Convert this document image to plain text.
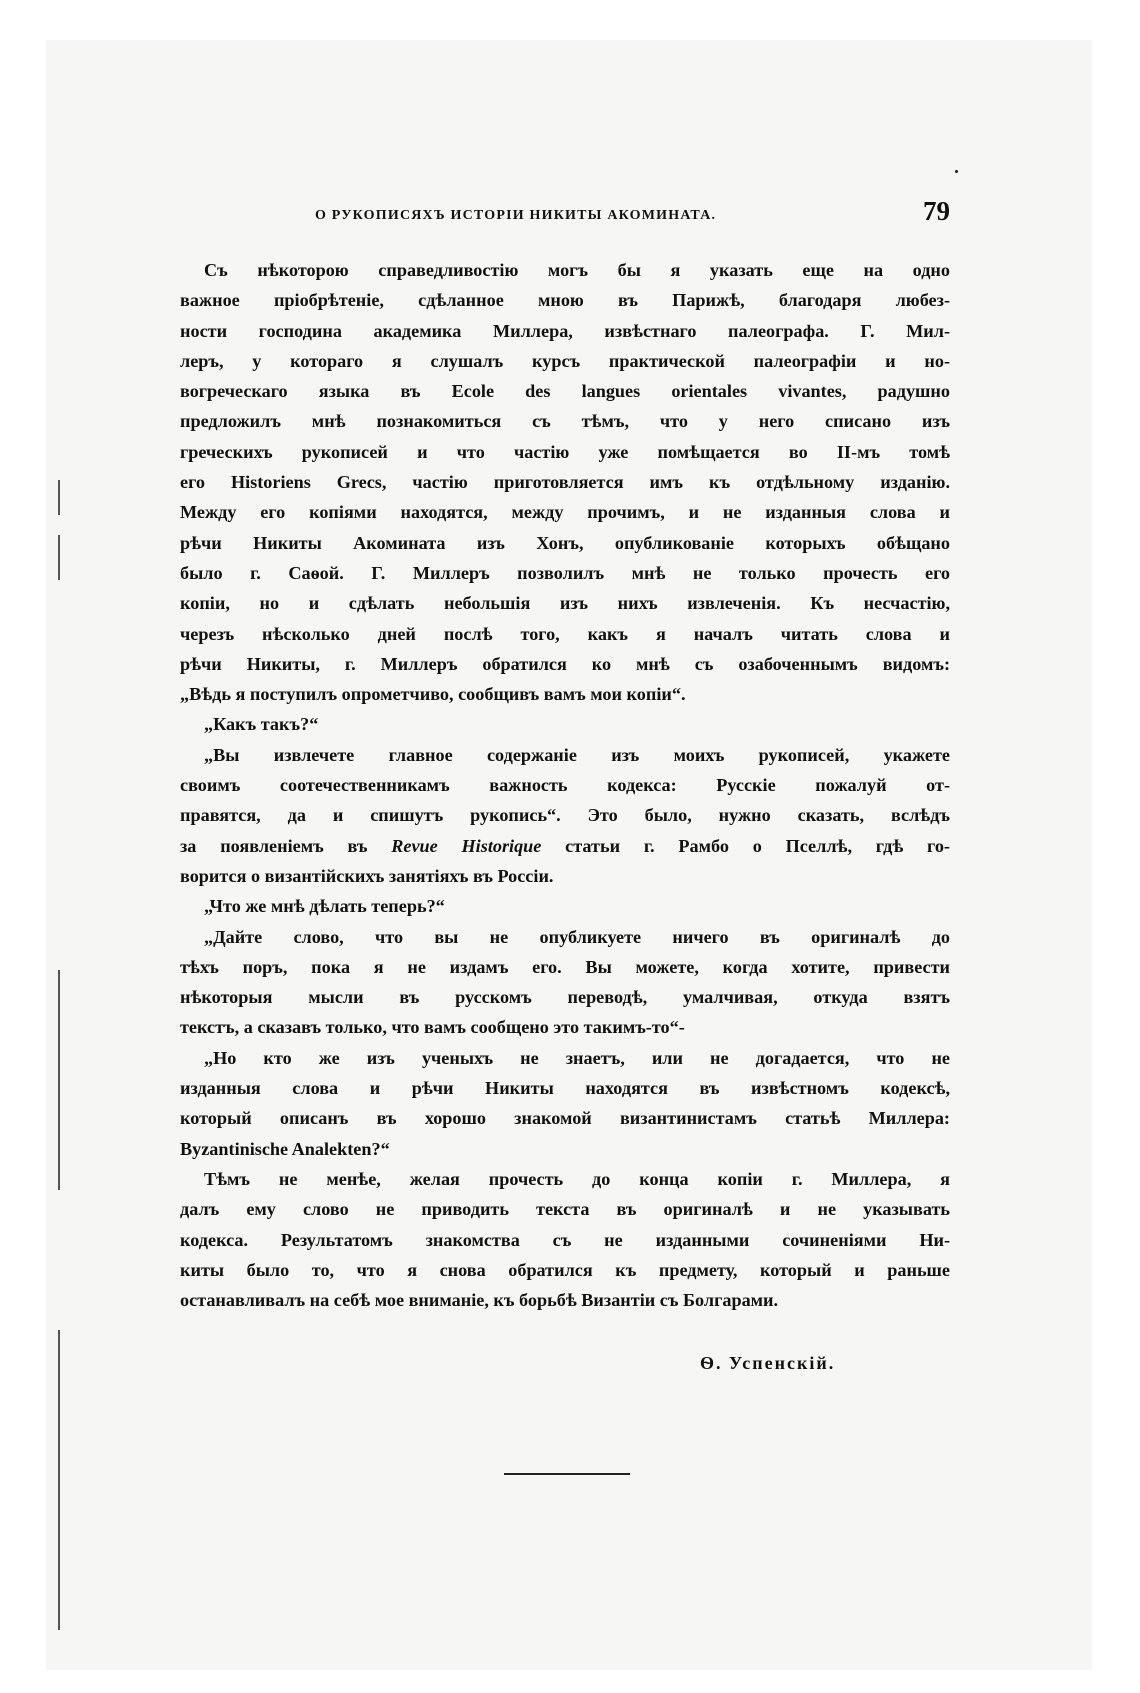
О РУКОПИСЯХЪ ИСТОРІИ НИКИТЫ АКОМИНАТА.	79
Съ нѣкоторою справедливостію могъ бы я указать еще на одно
важное пріобрѣтеніе, сдѣланное мною въ Парижѣ, благодаря любез-
ности господина академика Миллера, извѣстнаго палеографа. Г. Мил-
леръ, у котораго я слушалъ курсъ практической палеографіи и но-
вогреческаго языка въ Ecole des langues orientales vivantes, радушно
предложилъ мнѣ познакомиться съ тѣмъ, что у него списано изъ
греческихъ рукописей и что частію уже помѣщается во II-мъ томѣ
его Historiens Grecs, частію приготовляется имъ къ отдѣльному изданію.
Между его копіями находятся, между прочимъ, и не изданныя слова и
рѣчи Никиты Акомината изъ Хонъ, опубликованіе которыхъ обѣщано
было г. Саѳой. Г. Миллеръ позволилъ мнѣ не только прочесть его
копіи, но и сдѣлать небольшія изъ нихъ извлеченія. Къ несчастію,
черезъ нѣсколько дней послѣ того, какъ я началъ читать слова и
рѣчи Никиты, г. Миллеръ обратился ко мнѣ съ озабоченнымъ видомъ:
„Вѣдь я поступилъ опрометчиво, сообщивъ вамъ мои копіи“.
„Какъ такъ?“
„Вы извлечете главное содержаніе изъ моихъ рукописей, укажете
своимъ соотечественникамъ важность кодекса: Русскіе пожалуй от-
правятся, да и спишутъ рукопись“. Это было, нужно сказать, вслѣдъ
за появленіемъ въ Revue Historique статьи г. Рамбо о Пселлѣ, гдѣ го-
ворится о византійскихъ занятіяхъ въ Россіи.
„Что же мнѣ дѣлать теперь?“
„Дайте слово, что вы не опубликуете ничего въ оригиналѣ до
тѣхъ поръ, пока я не издамъ его. Вы можете, когда хотите, привести
нѣкоторыя мысли въ русскомъ переводѣ, умалчивая, откуда взятъ
текстъ, а сказавъ только, что вамъ сообщено это такимъ-то“-
„Но кто же изъ ученыхъ не знаетъ, или не догадается, что не
изданныя слова и рѣчи Никиты находятся въ извѣстномъ кодексѣ,
который описанъ въ хорошо знакомой византинистамъ статьѣ Миллера:
Byzantinische Analekten?“
Тѣмъ не менѣе, желая прочесть до конца копіи г. Миллера, я
далъ ему слово не приводить текста въ оригиналѣ и не указывать
кодекса. Результатомъ знакомства съ не изданными сочиненіями Ни-
киты было то, что я снова обратился къ предмету, который и раньше
останавливалъ на себѣ мое вниманіе, къ борьбѣ Византіи съ Болгарами.
Ѳ. Успенскій.
